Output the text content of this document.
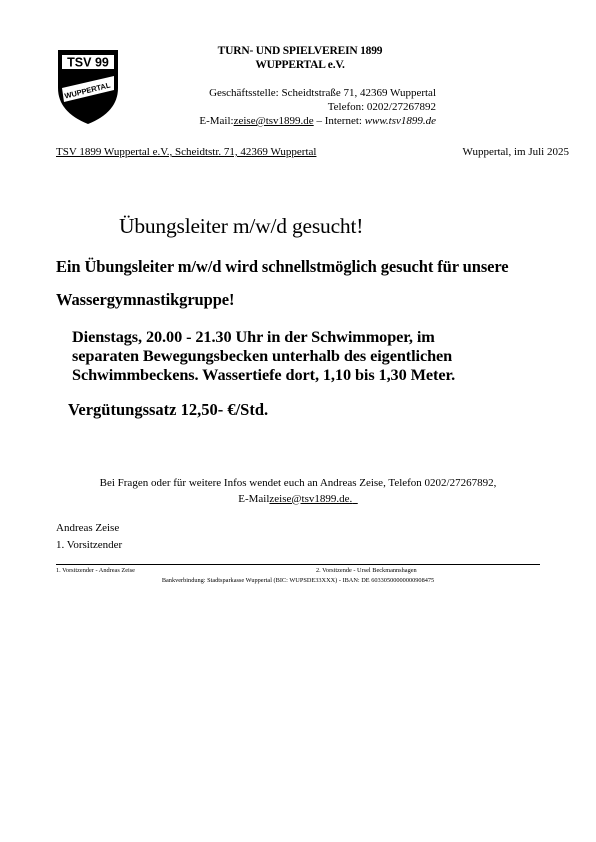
TSV 99
WUPPERTAL
TURN- UND SPIELVEREIN 1899
WUPPERTAL e.V.
Geschäftsstelle: Scheidtstraße 71, 42369 Wuppertal
Telefon: 0202/27267892
E-Mail:zeise@tsv1899.de – Internet: www.tsv1899.de
TSV 1899 Wuppertal e.V., Scheidtstr. 71, 42369 Wuppertal	Wuppertal, im Juli 2025
Übungsleiter m/w/d gesucht!
Ein Übungsleiter m/w/d wird schnellstmöglich gesucht für unsere
Wassergymnastikgruppe!
Dienstags, 20.00 - 21.30 Uhr in der Schwimmoper, im
separaten Bewegungsbecken unterhalb des eigentlichen
Schwimmbeckens. Wassertiefe dort, 1,10 bis 1,30 Meter.
Vergütungssatz 12,50- €/Std.
Bei Fragen oder für weitere Infos wendet euch an Andreas Zeise, Telefon 0202/27267892,
E-Mailzeise@tsv1899.de.
Andreas Zeise
1. Vorsitzender
1. Vorsitzender - Andreas Zeise	2. Vorsitzende - Ursel Beckmannshagen
Bankverbindung: Stadtsparkasse Wuppertal (BIC: WUPSDE33XXX) - IBAN: DE 60330500000000908475
